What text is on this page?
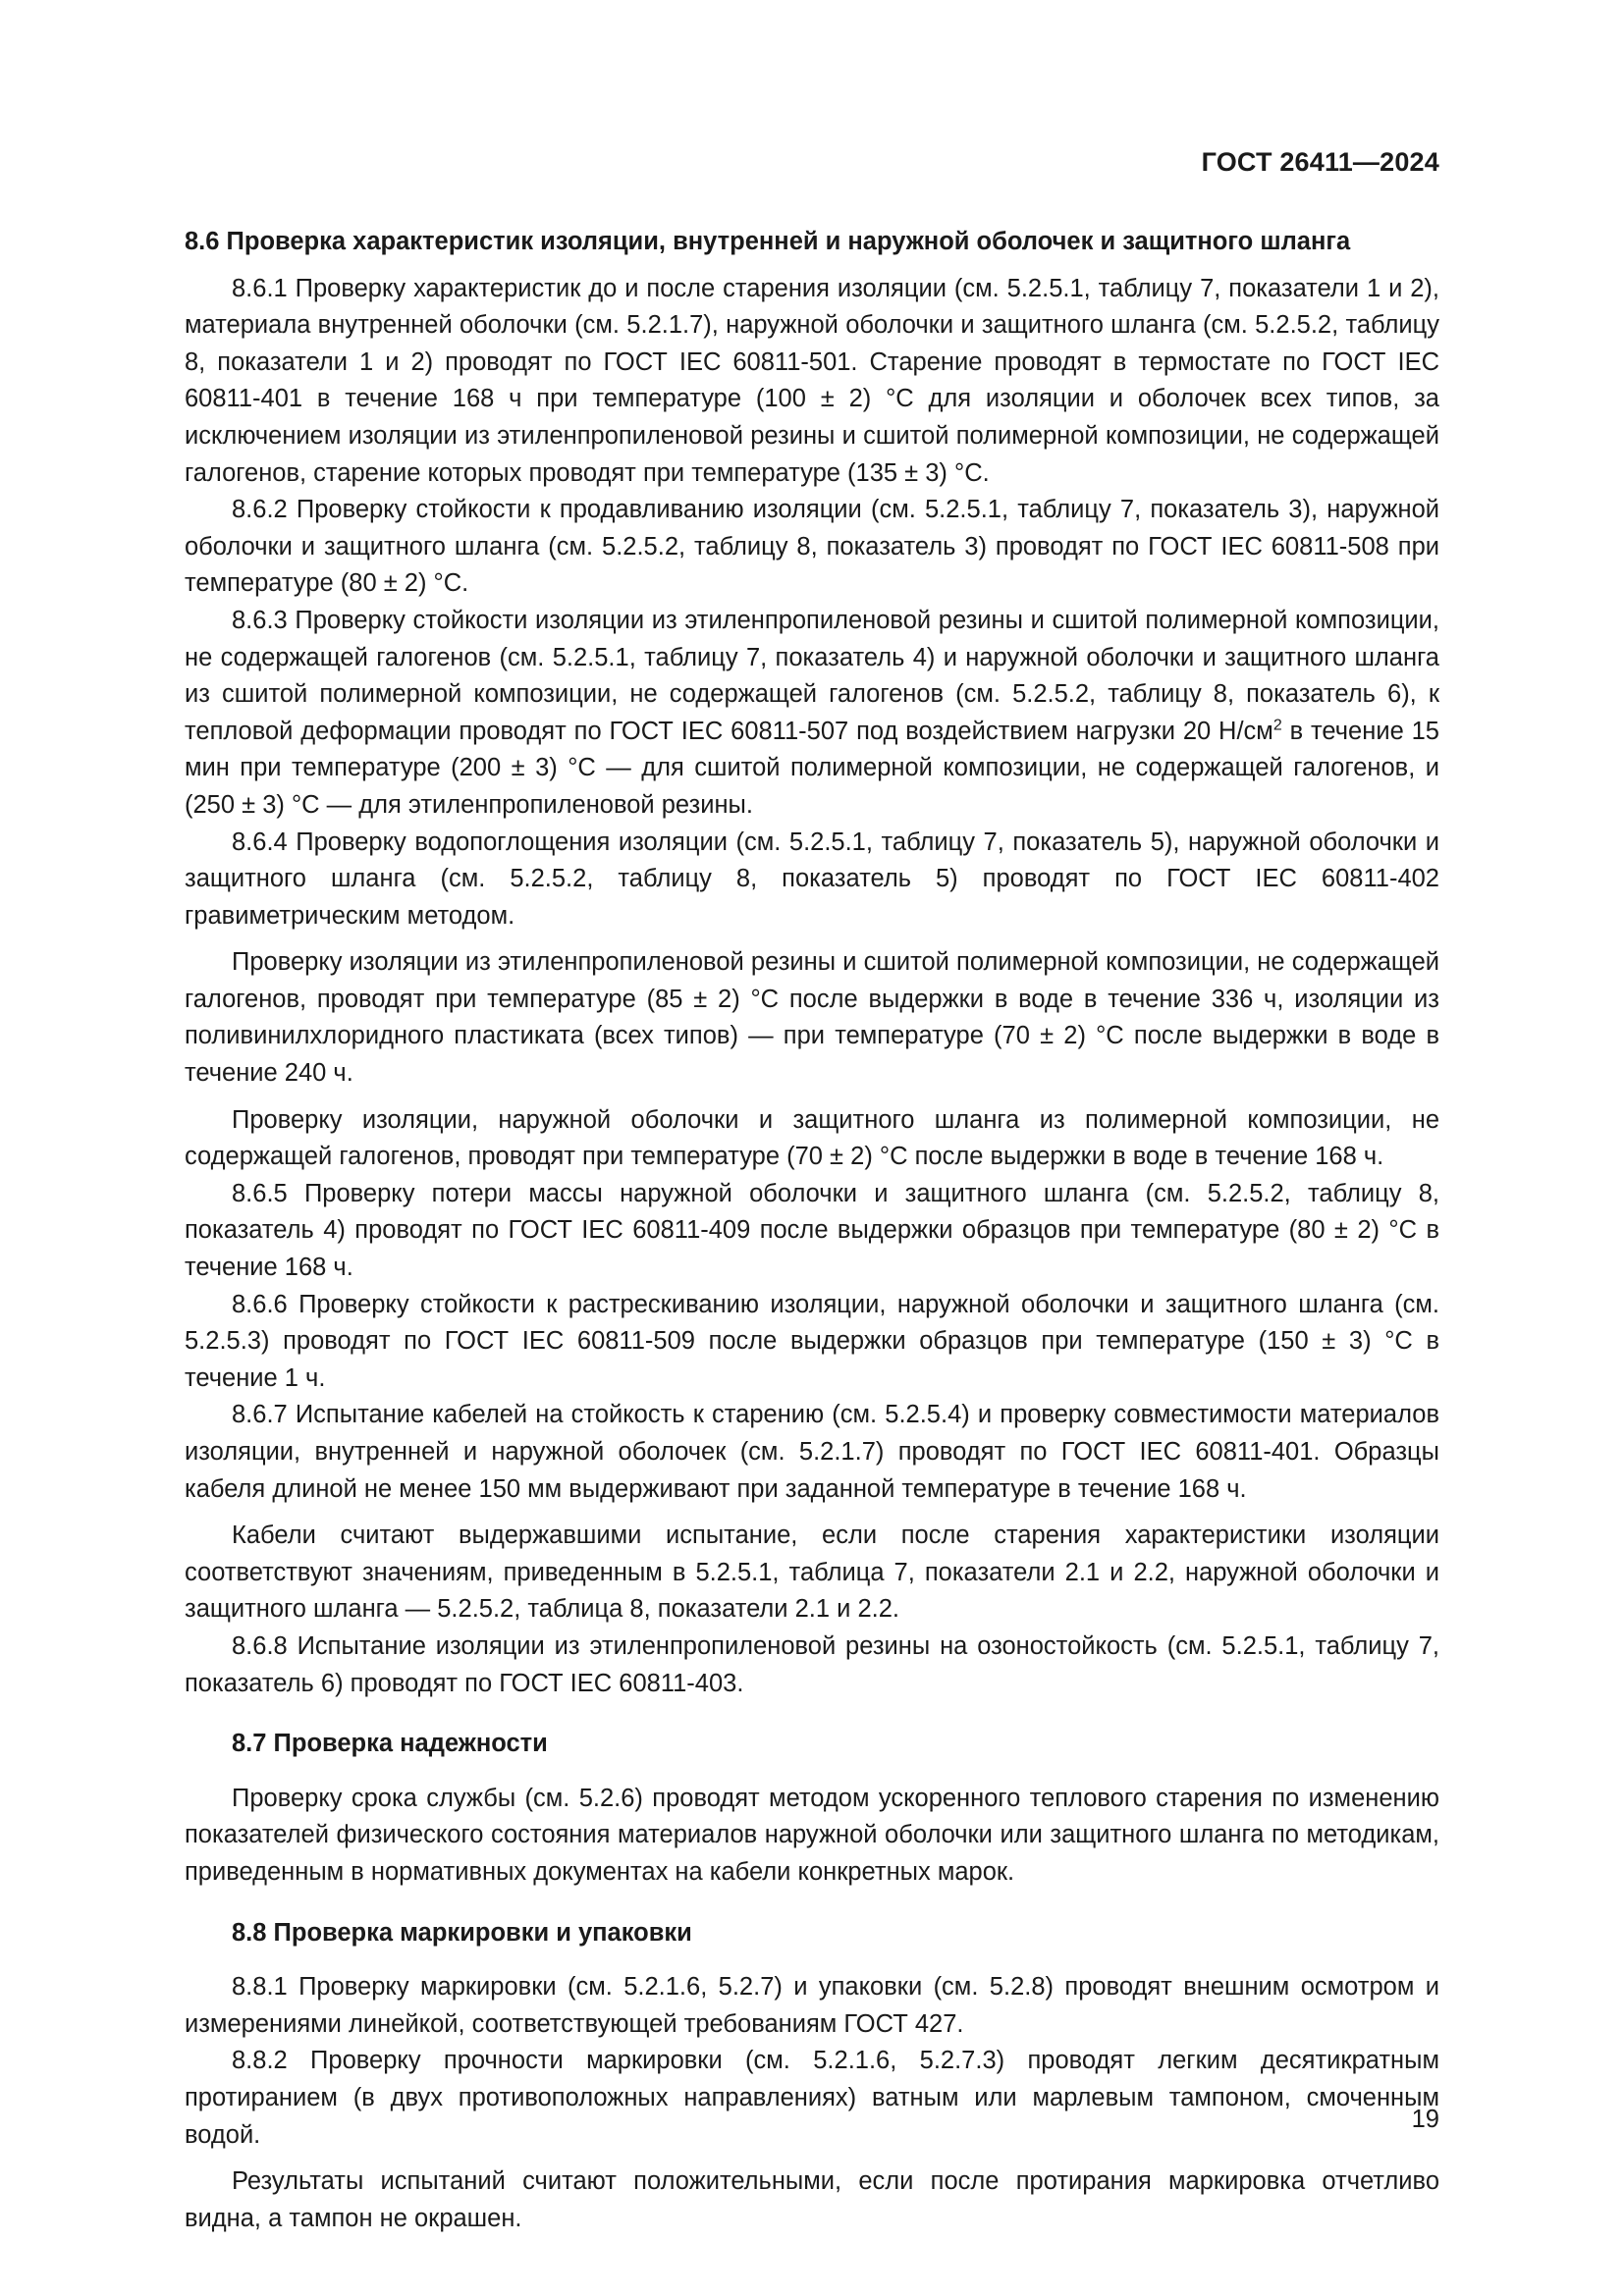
ГОСТ 26411—2024
8.6 Проверка характеристик изоляции, внутренней и наружной оболочек и защитного шланга

8.6.1 Проверку характеристик до и после старения изоляции (см. 5.2.5.1, таблицу 7, показатели 1 и 2), материала внутренней оболочки (см. 5.2.1.7), наружной оболочки и защитного шланга (см. 5.2.5.2, таблицу 8, показатели 1 и 2) проводят по ГОСТ IEC 60811-501. Старение проводят в термостате по ГОСТ IEC 60811-401 в течение 168 ч при температуре (100 ± 2) °С для изоляции и оболочек всех типов, за исключением изоляции из этиленпропиленовой резины и сшитой полимерной композиции, не содержащей галогенов, старение которых проводят при температуре (135 ± 3) °С.

8.6.2 Проверку стойкости к продавливанию изоляции (см. 5.2.5.1, таблицу 7, показатель 3), наружной оболочки и защитного шланга (см. 5.2.5.2, таблицу 8, показатель 3) проводят по ГОСТ IEC 60811-508 при температуре (80 ± 2) °С.

8.6.3 Проверку стойкости изоляции из этиленпропиленовой резины и сшитой полимерной композиции, не содержащей галогенов (см. 5.2.5.1, таблицу 7, показатель 4) и наружной оболочки и защитного шланга из сшитой полимерной композиции, не содержащей галогенов (см. 5.2.5.2, таблицу 8, показатель 6), к тепловой деформации проводят по ГОСТ IEC 60811-507 под воздействием нагрузки 20 $Н/см^2$ в течение 15 мин при температуре (200 ± 3) °С — для сшитой полимерной композиции, не содержащей галогенов, и (250 ± 3) °С — для этиленпропиленовой резины.

8.6.4 Проверку водопоглощения изоляции (см. 5.2.5.1, таблицу 7, показатель 5), наружной оболочки и защитного шланга (см. 5.2.5.2, таблицу 8, показатель 5) проводят по ГОСТ IEC 60811-402 гравиметрическим методом.

Проверку изоляции из этиленпропиленовой резины и сшитой полимерной композиции, не содержащей галогенов, проводят при температуре (85 ± 2) °С после выдержки в воде в течение 336 ч, изоляции из поливинилхлоридного пластиката (всех типов) — при температуре (70 ± 2) °С после выдержки в воде в течение 240 ч.

Проверку изоляции, наружной оболочки и защитного шланга из полимерной композиции, не содержащей галогенов, проводят при температуре (70 ± 2) °С после выдержки в воде в течение 168 ч.

8.6.5 Проверку потери массы наружной оболочки и защитного шланга (см. 5.2.5.2, таблицу 8, показатель 4) проводят по ГОСТ IEC 60811-409 после выдержки образцов при температуре (80 ± 2) °С в течение 168 ч.

8.6.6 Проверку стойкости к растрескиванию изоляции, наружной оболочки и защитного шланга (см. 5.2.5.3) проводят по ГОСТ IEC 60811-509 после выдержки образцов при температуре (150 ± 3) °С в течение 1 ч.

8.6.7 Испытание кабелей на стойкость к старению (см. 5.2.5.4) и проверку совместимости материалов изоляции, внутренней и наружной оболочек (см. 5.2.1.7) проводят по ГОСТ IEC 60811-401. Образцы кабеля длиной не менее 150 мм выдерживают при заданной температуре в течение 168 ч.

Кабели считают выдержавшими испытание, если после старения характеристики изоляции соответствуют значениям, приведенным в 5.2.5.1, таблица 7, показатели 2.1 и 2.2, наружной оболочки и защитного шланга — 5.2.5.2, таблица 8, показатели 2.1 и 2.2.

8.6.8 Испытание изоляции из этиленпропиленовой резины на озоностойкость (см. 5.2.5.1, таблицу 7, показатель 6) проводят по ГОСТ IEC 60811-403.

8.7 Проверка надежности

Проверку срока службы (см. 5.2.6) проводят методом ускоренного теплового старения по изменению показателей физического состояния материалов наружной оболочки или защитного шланга по методикам, приведенным в нормативных документах на кабели конкретных марок.

8.8 Проверка маркировки и упаковки

8.8.1 Проверку маркировки (см. 5.2.1.6, 5.2.7) и упаковки (см. 5.2.8) проводят внешним осмотром и измерениями линейкой, соответствующей требованиям ГОСТ 427.

8.8.2 Проверку прочности маркировки (см. 5.2.1.6, 5.2.7.3) проводят легким десятикратным протиранием (в двух противоположных направлениях) ватным или марлевым тампоном, смоченным водой.

Результаты испытаний считают положительными, если после протирания маркировка отчетливо видна, а тампон не окрашен.

19
